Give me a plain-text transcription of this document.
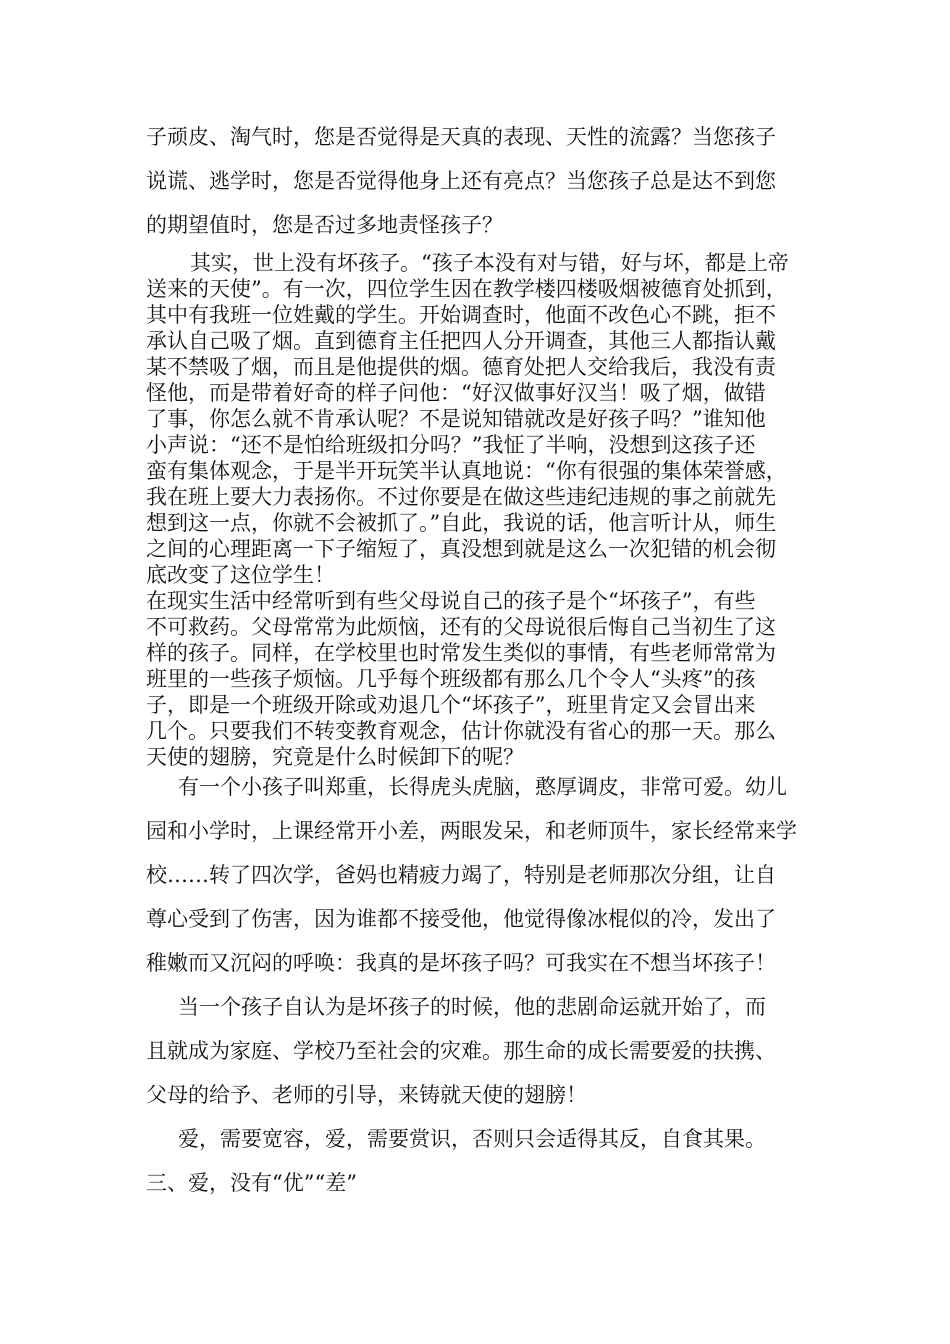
子顽皮、淘气时，您是否觉得是天真的表现、天性的流露？当您孩子

说谎、逃学时，您是否觉得他身上还有亮点？当您孩子总是达不到您

的期望值时，您是否过多地责怪孩子？

其实，世上没有坏孩子。“孩子本没有对与错，好与坏，都是上帝

送来的天使”。有一次，四位学生因在教学楼四楼吸烟被德育处抓到，

其中有我班一位姓戴的学生。开始调查时，他面不改色心不跳，拒不

承认自己吸了烟。直到德育主任把四人分开调查，其他三人都指认戴

某不禁吸了烟，而且是他提供的烟。德育处把人交给我后，我没有责

怪他，而是带着好奇的样子问他：“好汉做事好汉当！吸了烟，做错

了事，你怎么就不肯承认呢？不是说知错就改是好孩子吗？”谁知他

小声说：“还不是怕给班级扣分吗？”我怔了半响，没想到这孩子还

蛮有集体观念，于是半开玩笑半认真地说：“你有很强的集体荣誉感，

我在班上要大力表扬你。不过你要是在做这些违纪违规的事之前就先

想到这一点，你就不会被抓了。”自此，我说的话，他言听计从，师生

之间的心理距离一下子缩短了，真没想到就是这么一次犯错的机会彻

底改变了这位学生！

在现实生活中经常听到有些父母说自己的孩子是个“坏孩子”，有些

不可救药。父母常常为此烦恼，还有的父母说很后悔自己当初生了这

样的孩子。同样，在学校里也时常发生类似的事情，有些老师常常为

班里的一些孩子烦恼。几乎每个班级都有那么几个令人“头疼”的孩

子，即是一个班级开除或劝退几个“坏孩子”，班里肯定又会冒出来

几个。只要我们不转变教育观念，估计你就没有省心的那一天。那么

天使的翅膀，究竟是什么时候卸下的呢？

有一个小孩子叫郑重，长得虎头虎脑，憨厚调皮，非常可爱。幼儿

园和小学时，上课经常开小差，两眼发呆，和老师顶牛，家长经常来学

校……转了四次学，爸妈也精疲力竭了，特别是老师那次分组，让自

尊心受到了伤害，因为谁都不接受他，他觉得像冰棍似的冷，发出了

稚嫩而又沉闷的呼唤：我真的是坏孩子吗？可我实在不想当坏孩子！

当一个孩子自认为是坏孩子的时候，他的悲剧命运就开始了，而

且就成为家庭、学校乃至社会的灾难。那生命的成长需要爱的扶携、

父母的给予、老师的引导，来铸就天使的翅膀！

爱，需要宽容，爱，需要赏识，否则只会适得其反，自食其果。

三、爱，没有“优”“差”
